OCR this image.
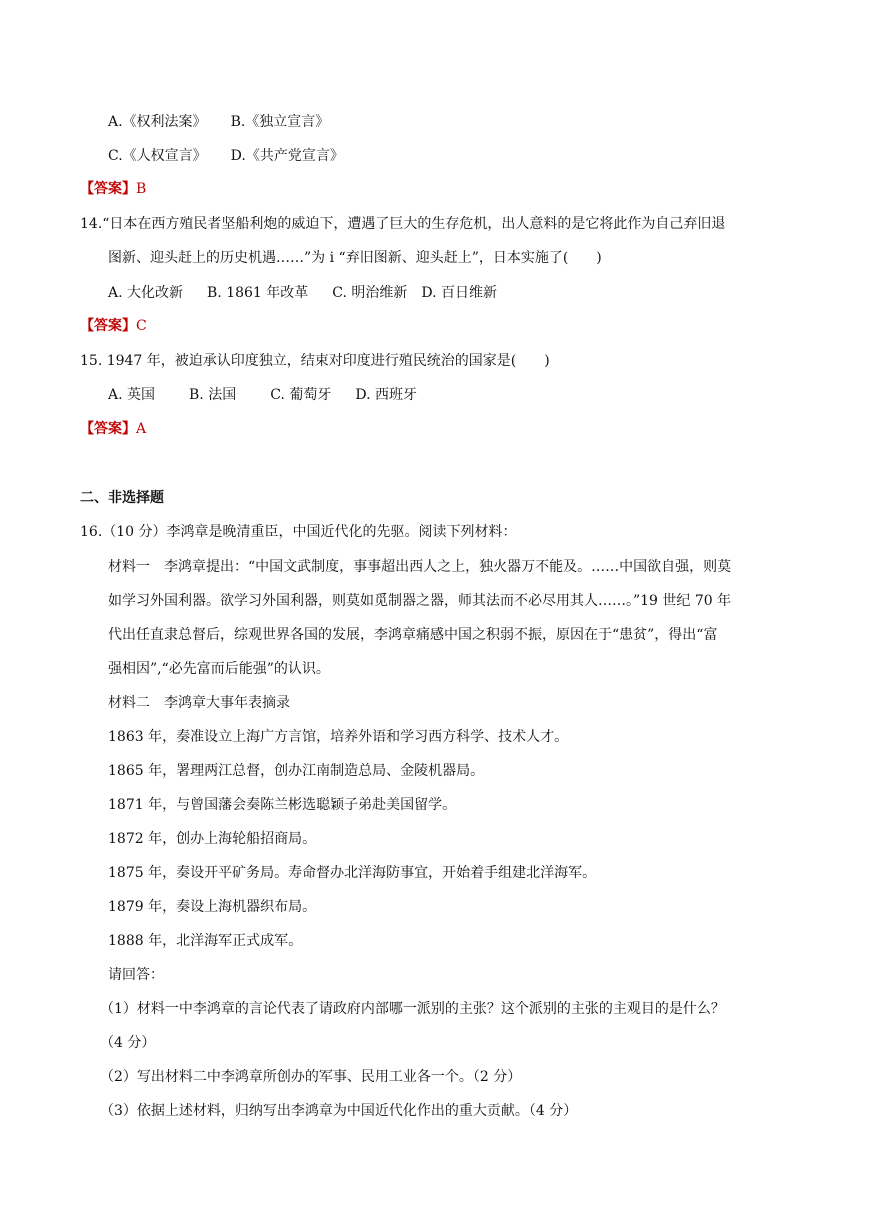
A.《权利法案》 B.《独立宣言》
C.《人权宣言》 D.《共产党宣言》
【答案】B
14.“日本在西方殖民者坚船利炮的威迫下，遭遇了巨大的生存危机，出人意料的是它将此作为自己弃旧退
图新、迎头赶上的历史机遇……”为 i “弃旧图新、迎头赶上”，日本实施了(　　)
A. 大化改新 B. 1861 年改革 C. 明治维新 D. 百日维新
【答案】C
15. 1947 年，被迫承认印度独立，结束对印度进行殖民统治的国家是(　　)
A. 英国 B. 法国 C. 葡萄牙 D. 西班牙
【答案】A
二、非选择题
16.（10 分）李鸿章是晚清重臣，中国近代化的先驱。阅读下列材料：
材料一　李鸿章提出：“中国文武制度，事事超出西人之上，独火器万不能及。……中国欲自强，则莫
如学习外国利器。欲学习外国利器，则莫如觅制器之器，师其法而不必尽用其人……。”19 世纪 70 年
代出任直隶总督后，综观世界各国的发展，李鸿章痛感中国之积弱不振，原因在于“患贫”，得出“富
强相因”,“必先富而后能强”的认识。
材料二　李鸿章大事年表摘录
1863 年，奏准设立上海广方言馆，培养外语和学习西方科学、技术人才。
1865 年，署理两江总督，创办江南制造总局、金陵机器局。
1871 年，与曾国藩会奏陈兰彬选聪颖子弟赴美国留学。
1872 年，创办上海轮船招商局。
1875 年，奏设开平矿务局。寿命督办北洋海防事宜，开始着手组建北洋海军。
1879 年，奏设上海机器织布局。
1888 年，北洋海军正式成军。
请回答：
（1）材料一中李鸿章的言论代表了请政府内部哪一派别的主张？这个派别的主张的主观目的是什么？
（4 分）
（2）写出材料二中李鸿章所创办的军事、民用工业各一个。（2 分）
（3）依据上述材料，归纳写出李鸿章为中国近代化作出的重大贡献。（4 分）
